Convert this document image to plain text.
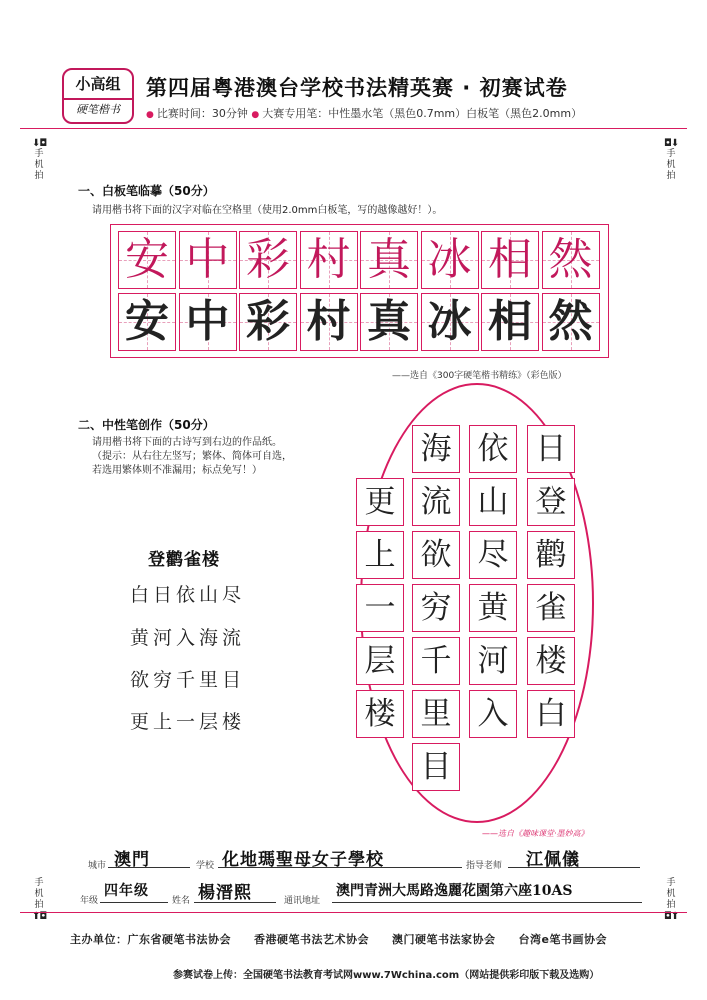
小高组
硬笔楷书
第四届粤港澳台学校书法精英赛 · 初赛试卷
● 比赛时间：30分钟 ● 大赛专用笔：中性墨水笔（黑色0.7mm）白板笔（黑色2.0mm）
⬇◘
手
机
拍
◘⬇
手
机
拍
手
机
拍
⬆◘
手
机
拍
◘⬆
一、白板笔临摹（50分）
请用楷书将下面的汉字对临在空格里（使用2.0mm白板笔，写的越像越好！）。
安 中 彩 村 真 冰 相 然
安 中 彩 村 真 冰 相 然
——选自《300字硬笔楷书精练》（彩色版）
二、中性笔创作（50分）
请用楷书将下面的古诗写到右边的作品纸。
（提示：从右往左竖写；繁体、简体可自选，
若选用繁体则不准漏用；标点免写！）
登鹳雀楼
白日依山尽
黄河入海流
欲穷千里目
更上一层楼
日
登
鹳
雀
楼
白
依
山
尽
黄
河
入
海
流
欲
穷
千
里
目
更
上
一
层
楼
——选自《趣味课堂·墨妙高》
城市 澳門	学校 化地瑪聖母女子學校	指导老师 江佩儀
年级
四年级
姓名 楊溍熙	通讯地址
澳門青洲大馬路逸麗花園第六座10AS
主办单位：广东省硬笔书法协会　　香港硬笔书法艺术协会　　澳门硬笔书法家协会　　台湾e笔书画协会
参赛试卷上传：全国硬笔书法教育考试网www.7Wchina.com（网站提供彩印版下载及选购）
